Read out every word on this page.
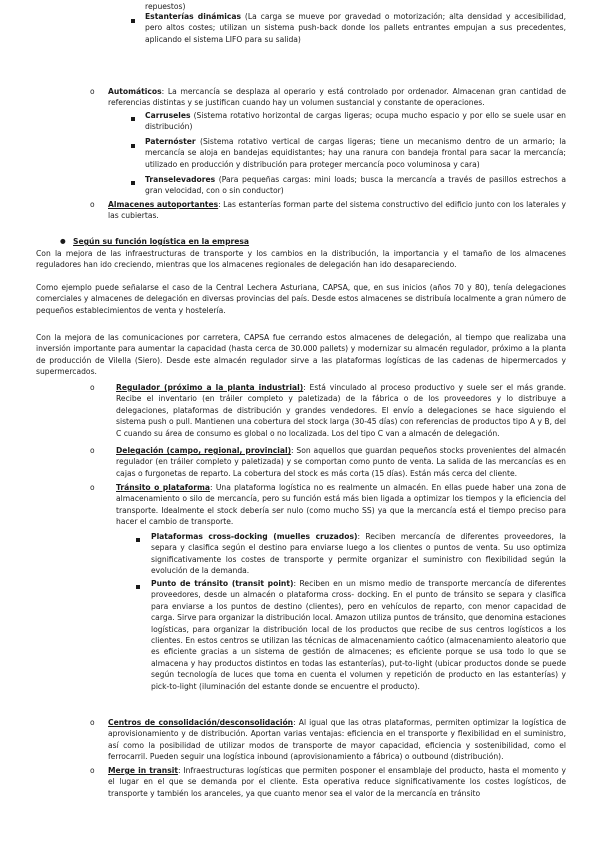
repuestos)

Estanterías dinámicas (La carga se mueve por gravedad o motorización; alta densidad y accesibilidad, pero altos costes; utilizan un sistema push-back donde los pallets entrantes empujan a sus precedentes, aplicando el sistema LIFO para su salida)

o Automáticos: La mercancía se desplaza al operario y está controlado por ordenador. Almacenan gran cantidad de referencias distintas y se justifican cuando hay un volumen sustancial y constante de operaciones.

Carruseles (Sistema rotativo horizontal de cargas ligeras; ocupa mucho espacio y por ello se suele usar en distribución)

Paternóster (Sistema rotativo vertical de cargas ligeras; tiene un mecanismo dentro de un armario; la mercancía se aloja en bandejas equidistantes; hay una ranura con bandeja frontal para sacar la mercancía; utilizado en producción y distribución para proteger mercancía poco voluminosa y cara)

Transelevadores (Para pequeñas cargas: mini loads; busca la mercancía a través de pasillos estrechos a gran velocidad, con o sin conductor)

o Almacenes autoportantes: Las estanterías forman parte del sistema constructivo del edificio junto con los laterales y las cubiertas.

● Según su función logística en la empresa

Con la mejora de las infraestructuras de transporte y los cambios en la distribución, la importancia y el tamaño de los almacenes reguladores han ido creciendo, mientras que los almacenes regionales de delegación han ido desapareciendo.

Como ejemplo puede señalarse el caso de la Central Lechera Asturiana, CAPSA, que, en sus inicios (años 70 y 80), tenía delegaciones comerciales y almacenes de delegación en diversas provincias del país. Desde estos almacenes se distribuía localmente a gran número de pequeños establecimientos de venta y hostelería.

Con la mejora de las comunicaciones por carretera, CAPSA fue cerrando estos almacenes de delegación, al tiempo que realizaba una inversión importante para aumentar la capacidad (hasta cerca de 30.000 pallets) y modernizar su almacén regulador, próximo a la planta de producción de Vilella (Siero). Desde este almacén regulador sirve a las plataformas logísticas de las cadenas de hipermercados y supermercados.

o	Regulador (próximo a la planta industrial): Está vinculado al proceso productivo y suele ser el más grande. Recibe el inventario (en tráiler completo y paletizada) de la fábrica o de los proveedores y lo distribuye a delegaciones, plataformas de distribución y grandes vendedores. El envío a delegaciones se hace siguiendo el sistema push o pull. Mantienen una cobertura del stock larga (30-45 días) con referencias de productos tipo A y B, del C cuando su área de consumo es global o no localizada. Los del tipo C van a almacén de delegación.

o	Delegación (campo, regional, provincial): Son aquellos que guardan pequeños stocks provenientes del almacén regulador (en tráiler completo y paletizada) y se comportan como punto de venta. La salida de las mercancías es en cajas o furgonetas de reparto. La cobertura del stock es más corta (15 días). Están más cerca del cliente.

o	Tránsito o plataforma: Una plataforma logística no es realmente un almacén. En ellas puede haber una zona de almacenamiento o silo de mercancía, pero su función está más bien ligada a optimizar los tiempos y la eficiencia del transporte. Idealmente el stock debería ser nulo (como mucho SS) ya que la mercancía está el tiempo preciso para hacer el cambio de transporte.

Plataformas cross-docking (muelles cruzados): Reciben mercancía de diferentes proveedores, la separa y clasifica según el destino para enviarse luego a los clientes o puntos de venta. Su uso optimiza significativamente los costes de transporte y permite organizar el suministro con flexibilidad según la evolución de la demanda.

Punto de tránsito (transit point): Reciben en un mismo medio de transporte mercancía de diferentes proveedores, desde un almacén o plataforma cross- docking. En el punto de tránsito se separa y clasifica para enviarse a los puntos de destino (clientes), pero en vehículos de reparto, con menor capacidad de carga. Sirve para organizar la distribución local. Amazon utiliza puntos de tránsito, que denomina estaciones logísticas, para organizar la distribución local de los productos que recibe de sus centros logísticos a los clientes. En estos centros se utilizan las técnicas de almacenamiento caótico (almacenamiento aleatorio que es eficiente gracias a un sistema de gestión de almacenes; es eficiente porque se usa todo lo que se almacena y hay productos distintos en todas las estanterías), put-to-light (ubicar productos donde se puede según tecnología de luces que toma en cuenta el volumen y repetición de producto en las estanterías) y pick-to-light (iluminación del estante donde se encuentre el producto).

o Centros de consolidación/desconsolidación: Al igual que las otras plataformas, permiten optimizar la logística de aprovisionamiento y de distribución. Aportan varias ventajas: eficiencia en el transporte y flexibilidad en el suministro, así como la posibilidad de utilizar modos de transporte de mayor capacidad, eficiencia y sostenibilidad, como el ferrocarril. Pueden seguir una logística inbound (aprovisionamiento a fábrica) o outbound (distribución).

o Merge in transit: Infraestructuras logísticas que permiten posponer el ensamblaje del producto, hasta el momento y el lugar en el que se demanda por el cliente. Esta operativa reduce significativamente los costes logísticos, de transporte y también los aranceles, ya que cuanto menor sea el valor de la mercancía en tránsito
